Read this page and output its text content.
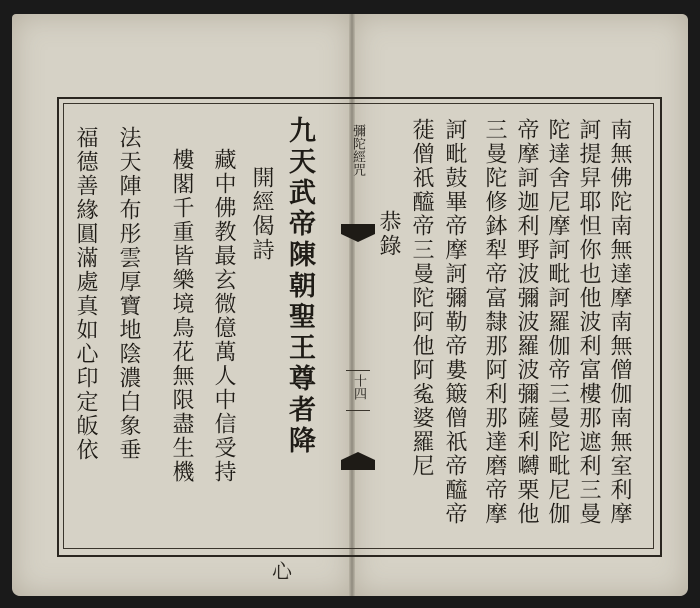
九天武帝陳朝聖王尊者降
開經偈詩
藏中佛教最玄微億萬人中信受持
樓閣千重皆樂境鳥花無限盡生機
法天陣布彤雲厚寶地陰濃白象垂
福德善緣圓滿處真如心印定皈依
心
彌陀經咒
十四
恭錄	南無佛陀南無達摩南無僧伽南無室利摩
訶提舁耶怛你也他波利富樓那遮利三曼
陀達舍尼摩訶毗訶羅伽帝三曼陀毗尼伽
帝摩訶迦利野波彌波羅波彌薩利嚩栗他
三曼陀修鉢犁帝富隸那阿利那達磨帝摩
訶毗鼓畢帝摩訶彌勒帝婁簸僧祇帝醯帝
蓰僧祇醯帝三曼陀阿他阿㝹婆羅尼
